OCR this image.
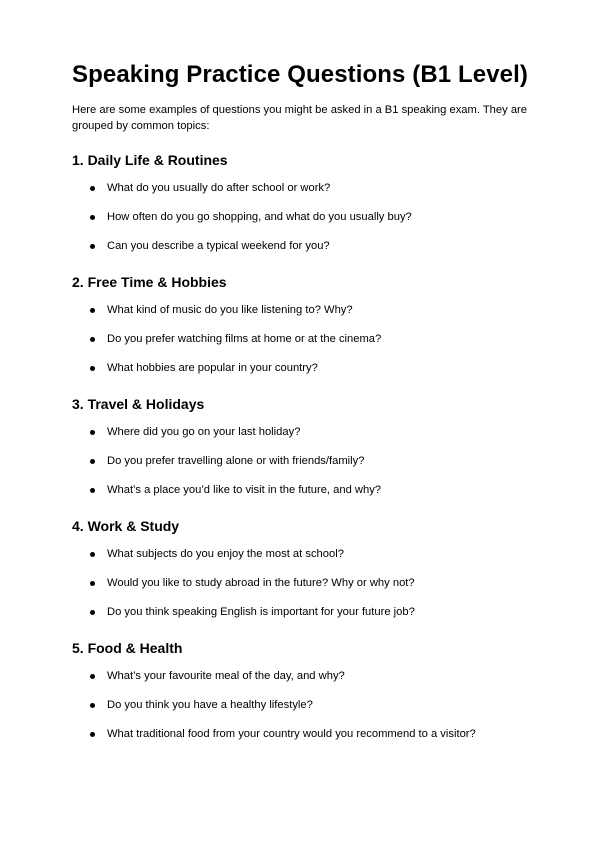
Speaking Practice Questions (B1 Level)

Here are some examples of questions you might be asked in a B1 speaking exam. They are grouped by common topics:

1. Daily Life & Routines
What do you usually do after school or work?
How often do you go shopping, and what do you usually buy?
Can you describe a typical weekend for you?
2. Free Time & Hobbies
What kind of music do you like listening to? Why?
Do you prefer watching films at home or at the cinema?
What hobbies are popular in your country?
3. Travel & Holidays
Where did you go on your last holiday?
Do you prefer travelling alone or with friends/family?
What’s a place you’d like to visit in the future, and why?
4. Work & Study
What subjects do you enjoy the most at school?
Would you like to study abroad in the future? Why or why not?
Do you think speaking English is important for your future job?
5. Food & Health
What’s your favourite meal of the day, and why?
Do you think you have a healthy lifestyle?
What traditional food from your country would you recommend to a visitor?
